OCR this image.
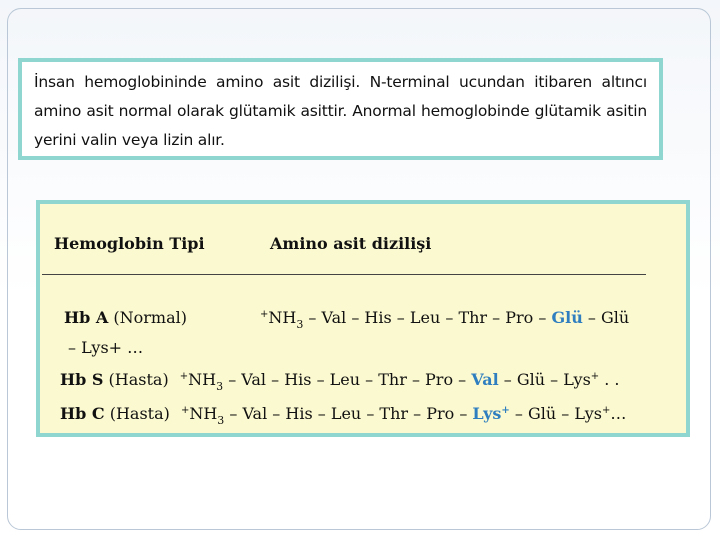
İnsan hemoglobininde amino asit dizilişi. N-terminal ucundan itibaren altıncı amino asit normal olarak glütamik asittir. Anormal hemoglobinde glütamik asitin yerini valin veya lizin alır.
Hemoglobin Tipi	Amino asit dizilişi
Hb A (Normal)	$^+NH_3$ – Val – His – Leu – Thr – Pro – Glü – Glü
– Lys+ …
Hb S (Hasta) $^+NH_3$ – Val – His – Leu – Thr – Pro – Val – Glü – Lys+ . .
Hb C (Hasta) $^+NH_3$ – Val – His – Leu – Thr – Pro – Lys+ – Glü – Lys+…
